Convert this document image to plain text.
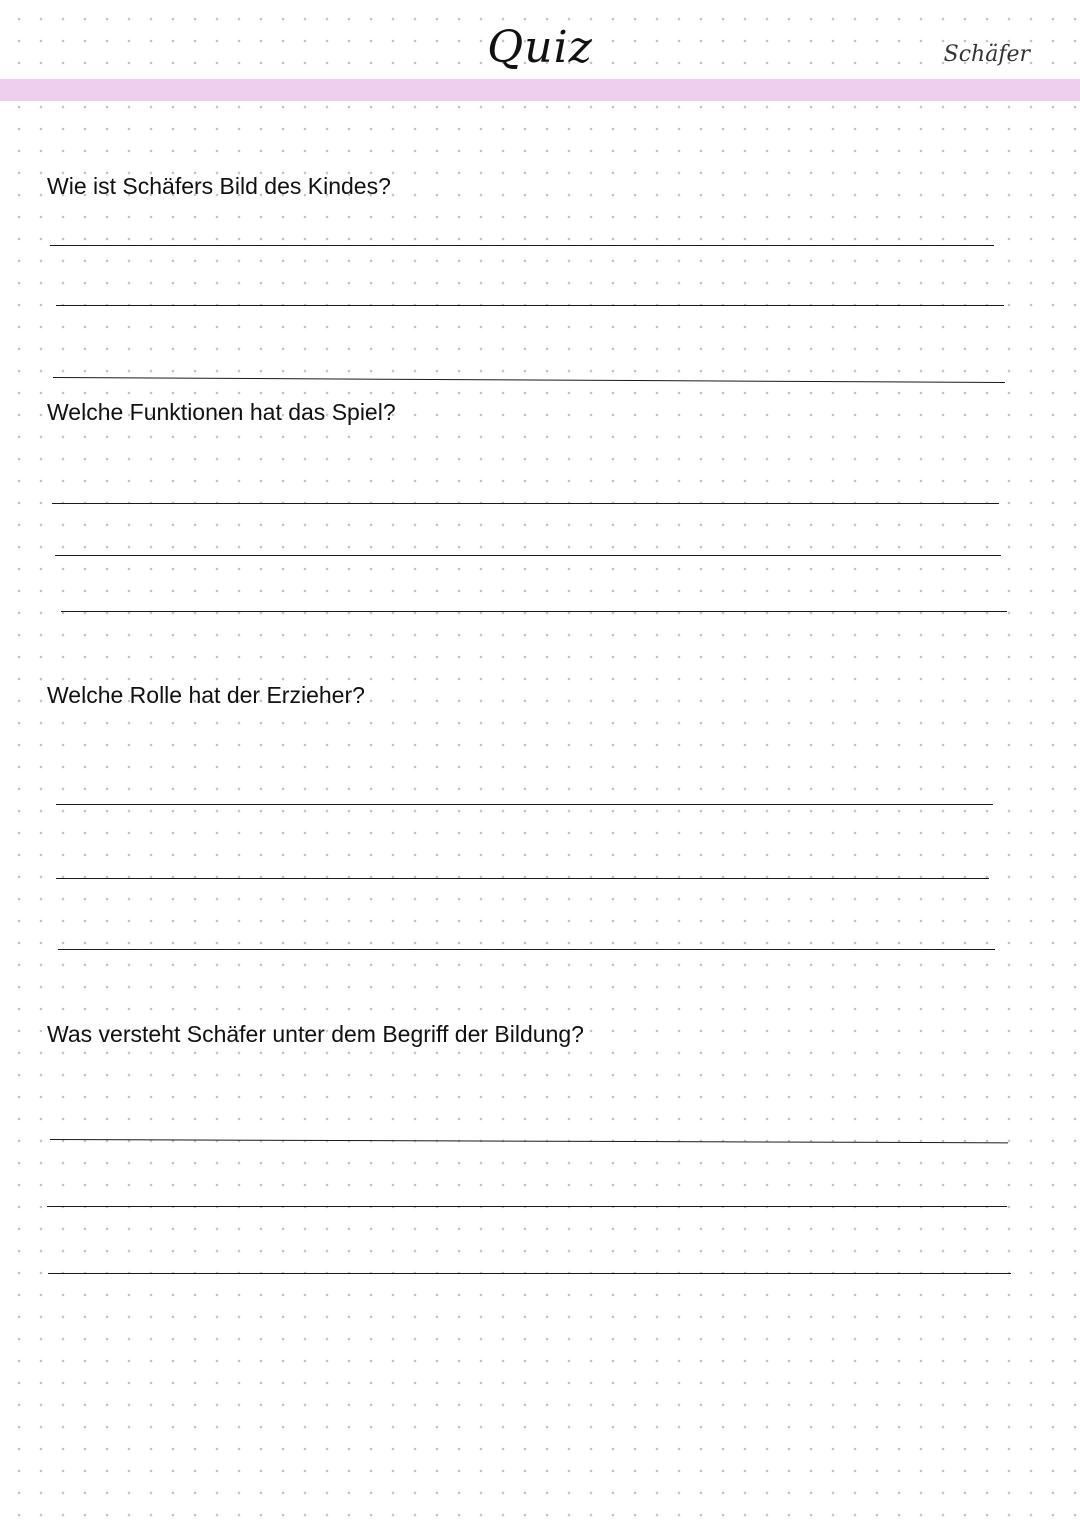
Quiz	Schäfer
Wie ist Schäfers Bild des Kindes?
Welche Funktionen hat das Spiel?
Welche Rolle hat der Erzieher?
Was versteht Schäfer unter dem Begriff der Bildung?
